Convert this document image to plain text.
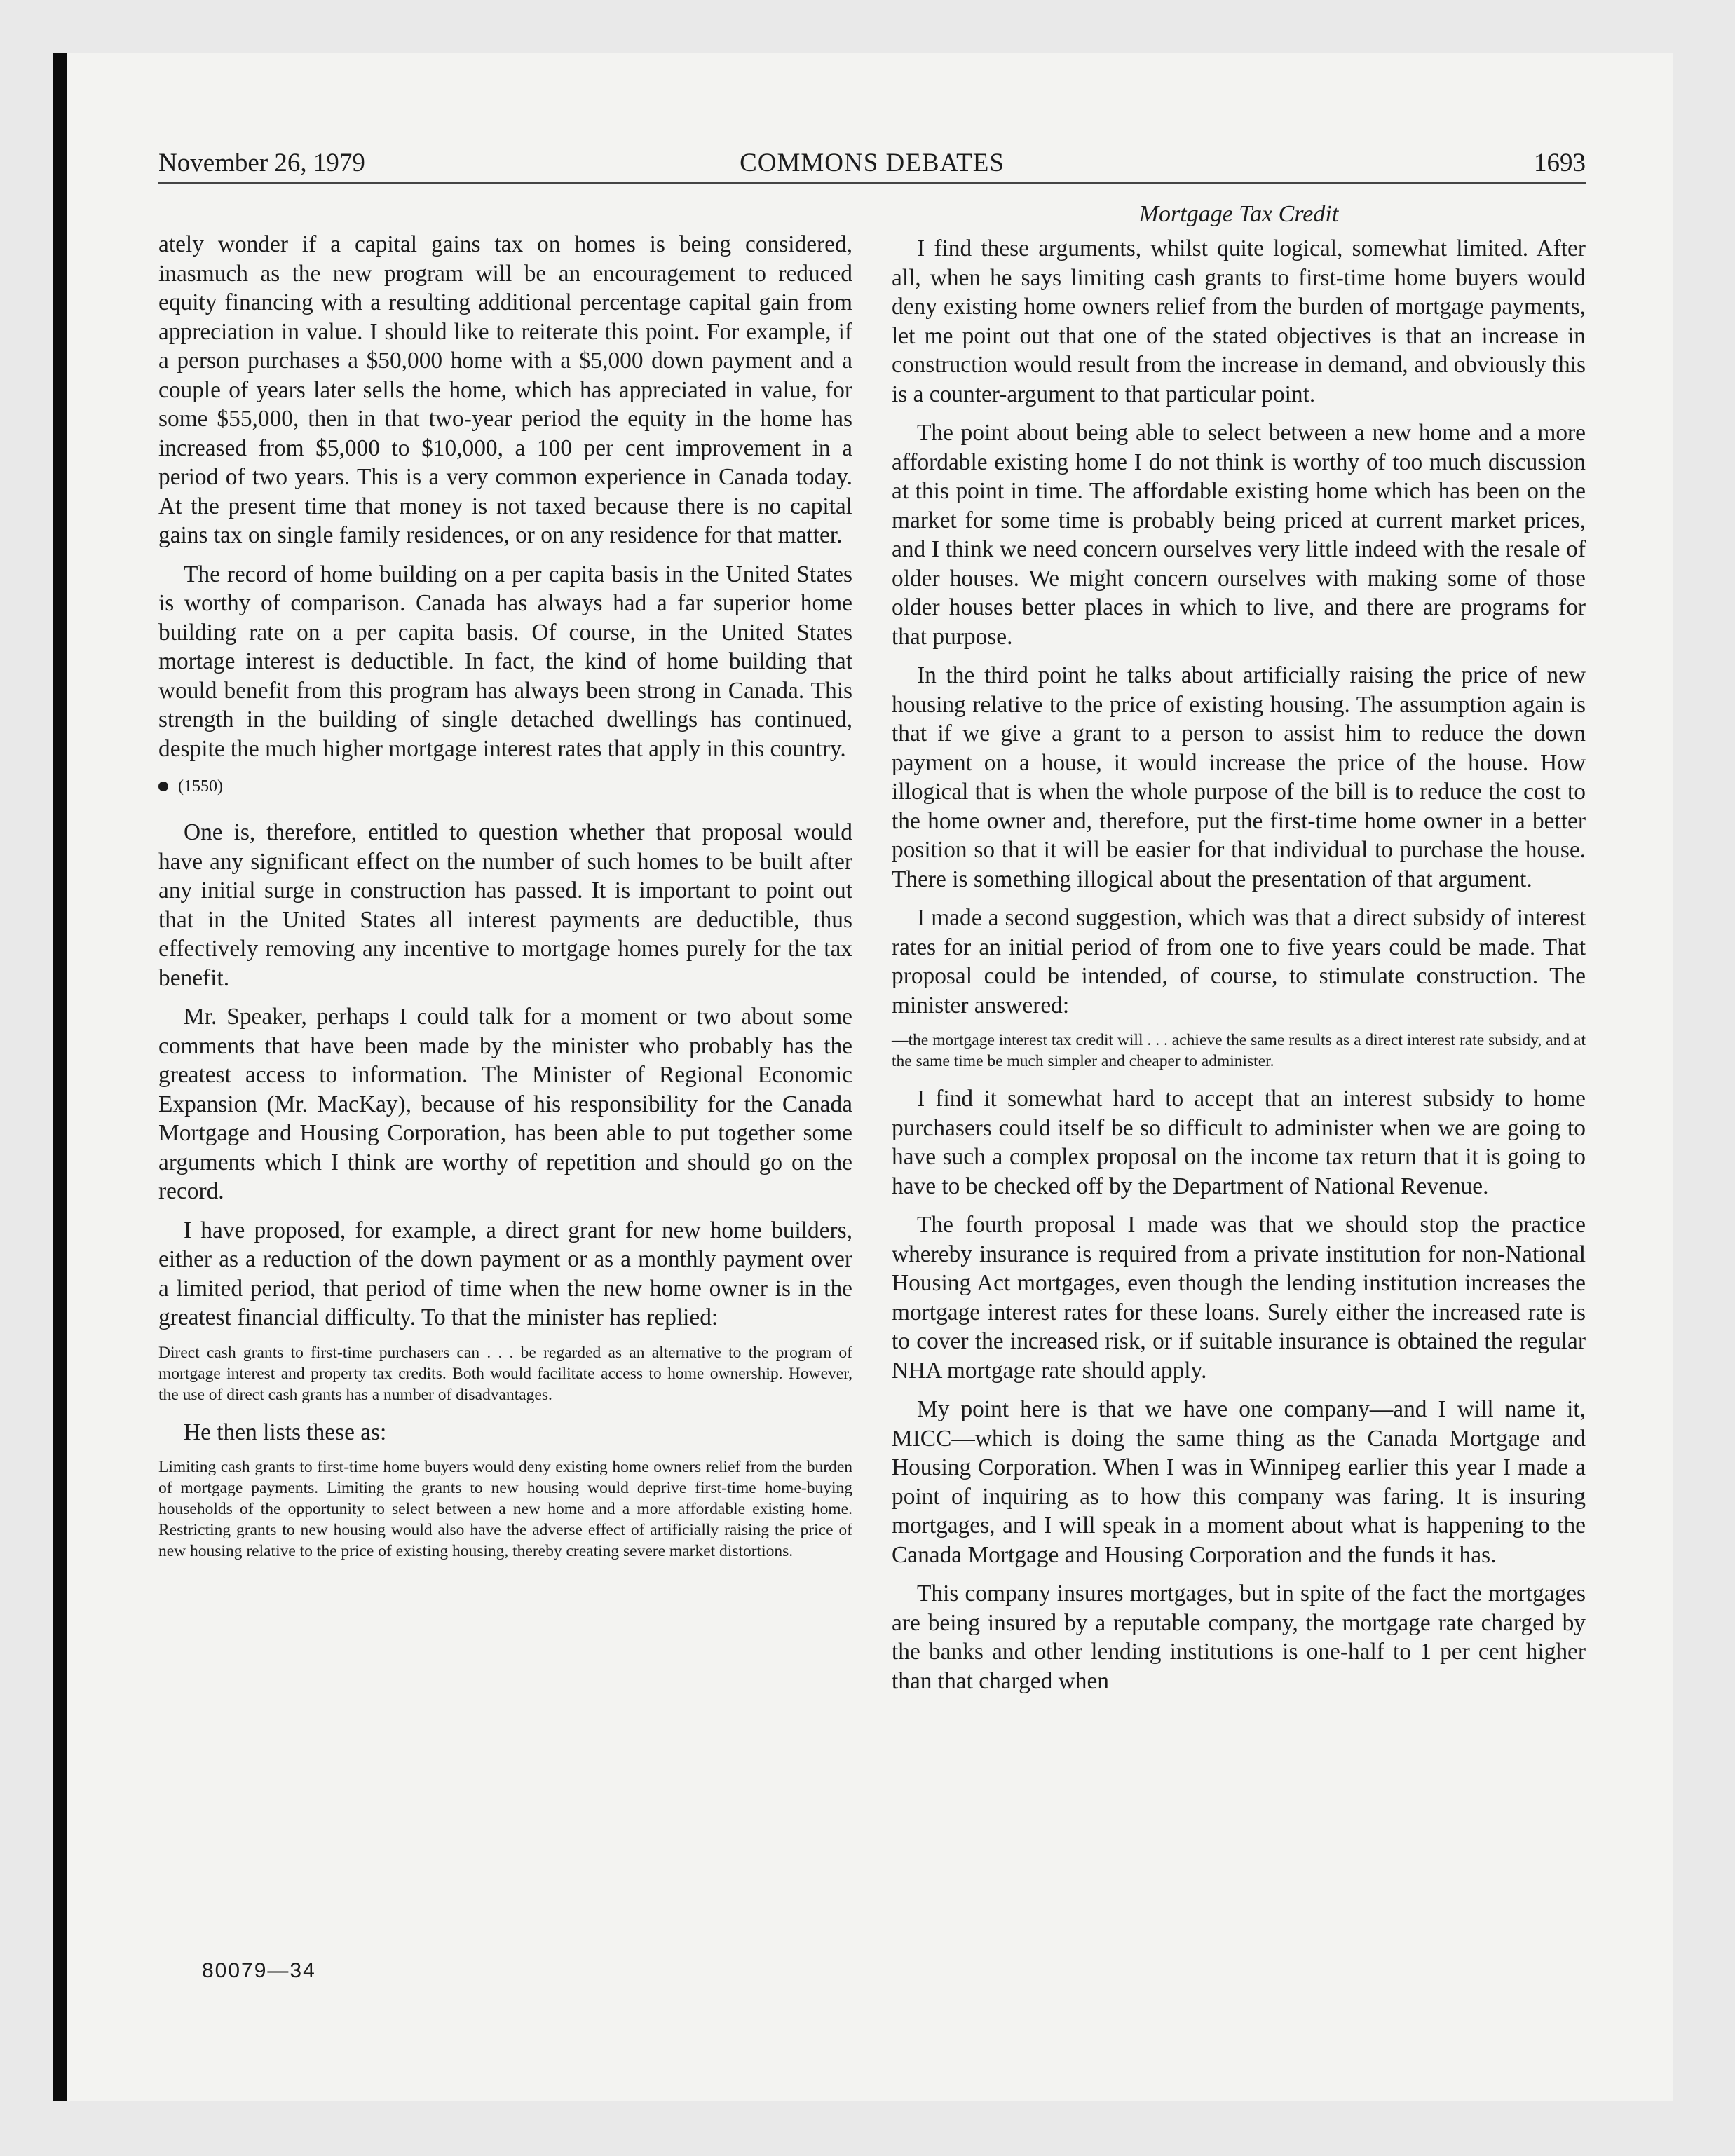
November 26, 1979	COMMONS DEBATES	1693

ately wonder if a capital gains tax on homes is being considered, inasmuch as the new program will be an encouragement to reduced equity financing with a resulting additional percentage capital gain from appreciation in value. I should like to reiterate this point. For example, if a person purchases a $50,000 home with a $5,000 down payment and a couple of years later sells the home, which has appreciated in value, for some $55,000, then in that two-year period the equity in the home has increased from $5,000 to $10,000, a 100 per cent improvement in a period of two years. This is a very common experience in Canada today. At the present time that money is not taxed because there is no capital gains tax on single family residences, or on any residence for that matter.

The record of home building on a per capita basis in the United States is worthy of comparison. Canada has always had a far superior home building rate on a per capita basis. Of course, in the United States mortage interest is deductible. In fact, the kind of home building that would benefit from this program has always been strong in Canada. This strength in the building of single detached dwellings has continued, despite the much higher mortgage interest rates that apply in this country.

(1550)

One is, therefore, entitled to question whether that proposal would have any significant effect on the number of such homes to be built after any initial surge in construction has passed. It is important to point out that in the United States all interest payments are deductible, thus effectively removing any incentive to mortgage homes purely for the tax benefit.

Mr. Speaker, perhaps I could talk for a moment or two about some comments that have been made by the minister who probably has the greatest access to information. The Minister of Regional Economic Expansion (Mr. MacKay), because of his responsibility for the Canada Mortgage and Housing Corporation, has been able to put together some arguments which I think are worthy of repetition and should go on the record.

I have proposed, for example, a direct grant for new home builders, either as a reduction of the down payment or as a monthly payment over a limited period, that period of time when the new home owner is in the greatest financial difficulty. To that the minister has replied:

Direct cash grants to first-time purchasers can . . . be regarded as an alternative to the program of mortgage interest and property tax credits. Both would facilitate access to home ownership. However, the use of direct cash grants has a number of disadvantages.

He then lists these as:

Limiting cash grants to first-time home buyers would deny existing home owners relief from the burden of mortgage payments. Limiting the grants to new housing would deprive first-time home-buying households of the opportunity to select between a new home and a more affordable existing home. Restricting grants to new housing would also have the adverse effect of artificially raising the price of new housing relative to the price of existing housing, thereby creating severe market distortions.
Mortgage Tax Credit

I find these arguments, whilst quite logical, somewhat limited. After all, when he says limiting cash grants to first-time home buyers would deny existing home owners relief from the burden of mortgage payments, let me point out that one of the stated objectives is that an increase in construction would result from the increase in demand, and obviously this is a counter-argument to that particular point.

The point about being able to select between a new home and a more affordable existing home I do not think is worthy of too much discussion at this point in time. The affordable existing home which has been on the market for some time is probably being priced at current market prices, and I think we need concern ourselves very little indeed with the resale of older houses. We might concern ourselves with making some of those older houses better places in which to live, and there are programs for that purpose.

In the third point he talks about artificially raising the price of new housing relative to the price of existing housing. The assumption again is that if we give a grant to a person to assist him to reduce the down payment on a house, it would increase the price of the house. How illogical that is when the whole purpose of the bill is to reduce the cost to the home owner and, therefore, put the first-time home owner in a better position so that it will be easier for that individual to purchase the house. There is something illogical about the presentation of that argument.

I made a second suggestion, which was that a direct subsidy of interest rates for an initial period of from one to five years could be made. That proposal could be intended, of course, to stimulate construction. The minister answered:

—the mortgage interest tax credit will . . . achieve the same results as a direct interest rate subsidy, and at the same time be much simpler and cheaper to administer.

I find it somewhat hard to accept that an interest subsidy to home purchasers could itself be so difficult to administer when we are going to have such a complex proposal on the income tax return that it is going to have to be checked off by the Department of National Revenue.

The fourth proposal I made was that we should stop the practice whereby insurance is required from a private institution for non-National Housing Act mortgages, even though the lending institution increases the mortgage interest rates for these loans. Surely either the increased rate is to cover the increased risk, or if suitable insurance is obtained the regular NHA mortgage rate should apply.

My point here is that we have one company—and I will name it, MICC—which is doing the same thing as the Canada Mortgage and Housing Corporation. When I was in Winnipeg earlier this year I made a point of inquiring as to how this company was faring. It is insuring mortgages, and I will speak in a moment about what is happening to the Canada Mortgage and Housing Corporation and the funds it has.

This company insures mortgages, but in spite of the fact the mortgages are being insured by a reputable company, the mortgage rate charged by the banks and other lending institutions is one-half to 1 per cent higher than that charged when

80079—34
